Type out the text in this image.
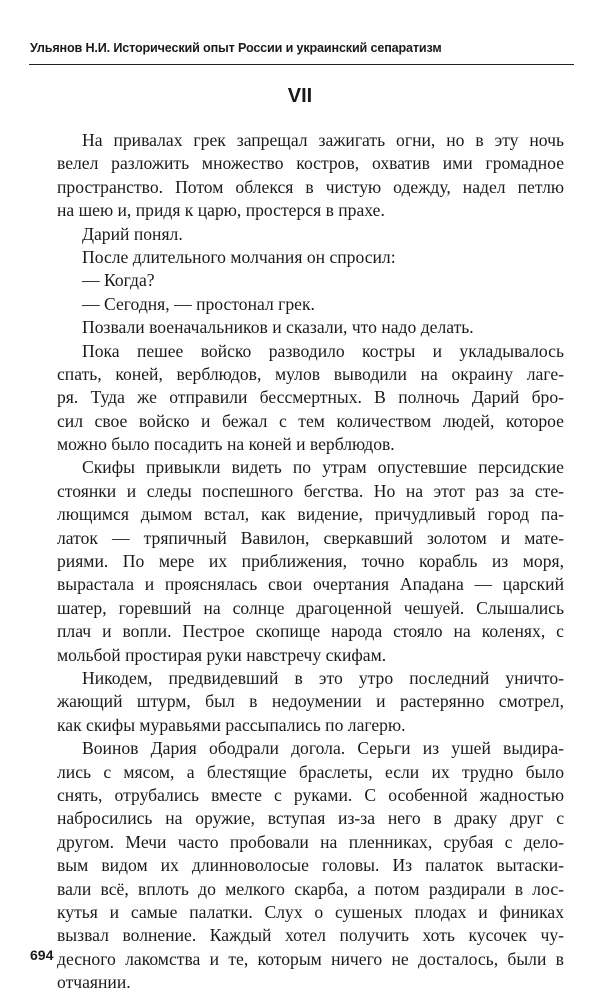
Ульянов Н.И. Исторический опыт России и украинский сепаратизм
VII
На привалах грек запрещал зажигать огни, но в эту ночь
велел разложить множество костров, охватив ими громадное
пространство. Потом облекся в чистую одежду, надел петлю
на шею и, придя к царю, простерся в прахе.
Дарий понял.
После длительного молчания он спросил:
— Когда?
— Сегодня, — простонал грек.
Позвали военачальников и сказали, что надо делать.
Пока пешее войско разводило костры и укладывалось
спать, коней, верблюдов, мулов выводили на окраину лаге-
ря. Туда же отправили бессмертных. В полночь Дарий бро-
сил свое войско и бежал с тем количеством людей, которое
можно было посадить на коней и верблюдов.
Скифы привыкли видеть по утрам опустевшие персидские
стоянки и следы поспешного бегства. Но на этот раз за сте-
лющимся дымом встал, как видение, причудливый город па-
латок — тряпичный Вавилон, сверкавший золотом и мате-
риями. По мере их приближения, точно корабль из моря,
вырастала и прояснялась свои очертания Ападана — царский
шатер, горевший на солнце драгоценной чешуей. Слышались
плач и вопли. Пестрое скопище народа стояло на коленях, с
мольбой простирая руки навстречу скифам.
Никодем, предвидевший в это утро последний уничто-
жающий штурм, был в недоумении и растерянно смотрел,
как скифы муравьями рассыпались по лагерю.
Воинов Дария ободрали догола. Серьги из ушей выдира-
лись с мясом, а блестящие браслеты, если их трудно было
снять, отрубались вместе с руками. С особенной жадностью
набросились на оружие, вступая из-за него в драку друг с
другом. Мечи часто пробовали на пленниках, срубая с дело-
вым видом их длинноволосые головы. Из палаток вытаски-
вали всё, вплоть до мелкого скарба, а потом раздирали в лос-
кутья и самые палатки. Слух о сушеных плодах и финиках
вызвал волнение. Каждый хотел получить хоть кусочек чу-
десного лакомства и те, которым ничего не досталось, были в
отчаянии.
694
